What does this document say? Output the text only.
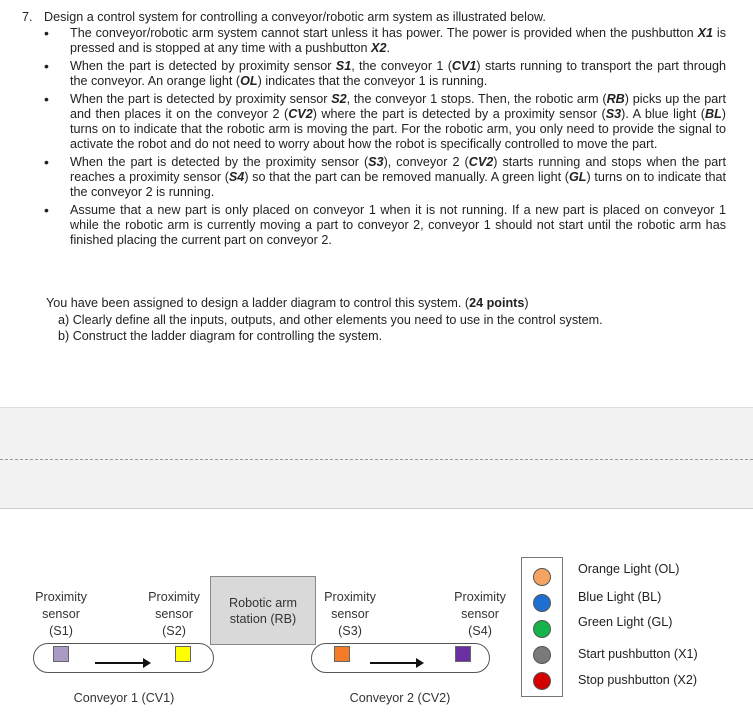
7. Design a control system for controlling a conveyor/robotic arm system as illustrated below.
• The conveyor/robotic arm system cannot start unless it has power. The power is provided when the pushbutton X1 is pressed and is stopped at any time with a pushbutton X2.
• When the part is detected by proximity sensor S1, the conveyor 1 (CV1) starts running to transport the part through the conveyor. An orange light (OL) indicates that the conveyor 1 is running.
• When the part is detected by proximity sensor S2, the conveyor 1 stops. Then, the robotic arm (RB) picks up the part and then places it on the conveyor 2 (CV2) where the part is detected by a proximity sensor (S3). A blue light (BL) turns on to indicate that the robotic arm is moving the part. For the robotic arm, you only need to provide the signal to activate the robot and do not need to worry about how the robot is specifically controlled to move the part.
• When the part is detected by the proximity sensor (S3), conveyor 2 (CV2) starts running and stops when the part reaches a proximity sensor (S4) so that the part can be removed manually. A green light (GL) turns on to indicate that the conveyor 2 is running.
• Assume that a new part is only placed on conveyor 1 when it is not running. If a new part is placed on conveyor 1 while the robotic arm is currently moving a part to conveyor 2, conveyor 1 should not start until the robotic arm has finished placing the current part on conveyor 2.
You have been assigned to design a ladder diagram to control this system. (24 points)
a) Clearly define all the inputs, outputs, and other elements you need to use in the control system.
b) Construct the ladder diagram for controlling the system.
Proximity
sensor
(S1)
Proximity
sensor
(S2)
Robotic arm
station (RB)
Proximity
sensor
(S3)
Proximity
sensor
(S4)
Conveyor 1 (CV1)	Conveyor 2 (CV2)
Orange Light (OL)
Blue Light (BL)
Green Light (GL)
Start pushbutton (X1)
Stop pushbutton (X2)
